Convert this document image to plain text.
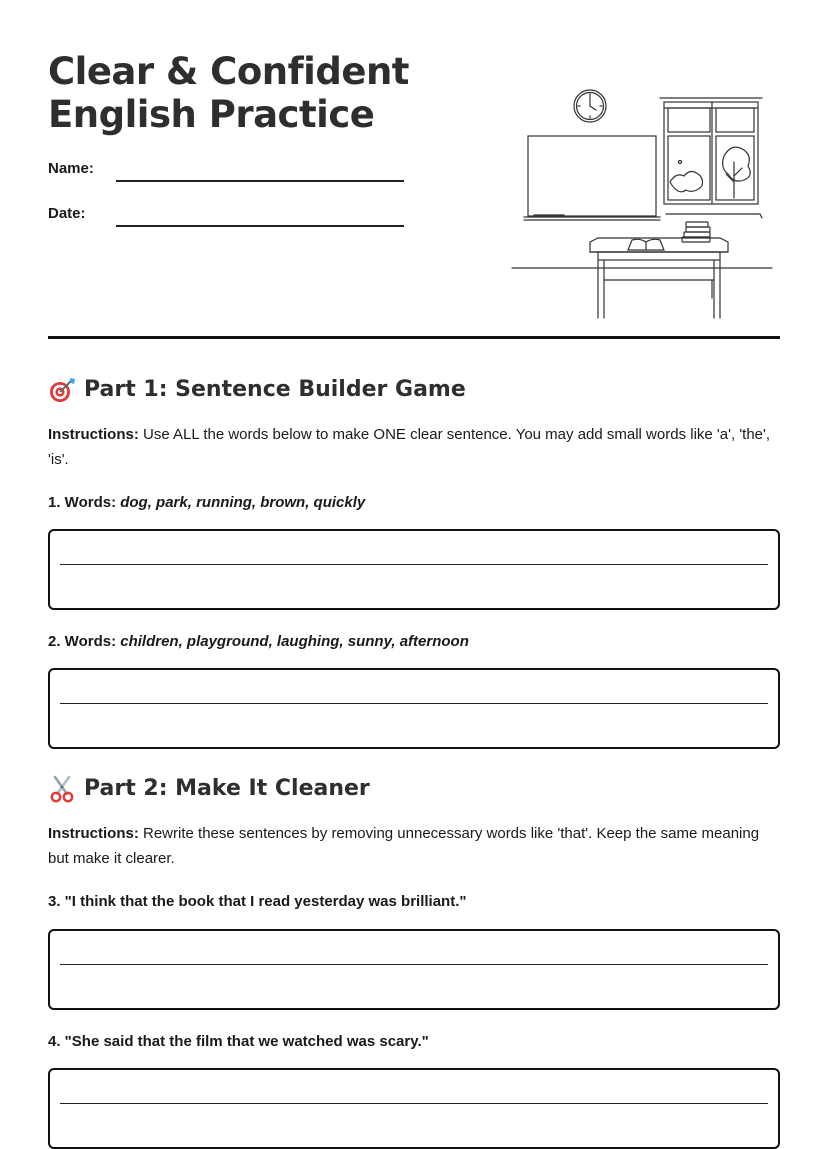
Clear & Confident
English Practice
Name:
Date:
Part 1: Sentence Builder Game

Instructions: Use ALL the words below to make ONE clear sentence. You may add small words like 'a', 'the', 'is'.

1. Words: dog, park, running, brown, quickly

2. Words: children, playground, laughing, sunny, afternoon

Part 2: Make It Cleaner

Instructions: Rewrite these sentences by removing unnecessary words like 'that'. Keep the same meaning but make it clearer.

3. "I think that the book that I read yesterday was brilliant."

4. "She said that the film that we watched was scary."
